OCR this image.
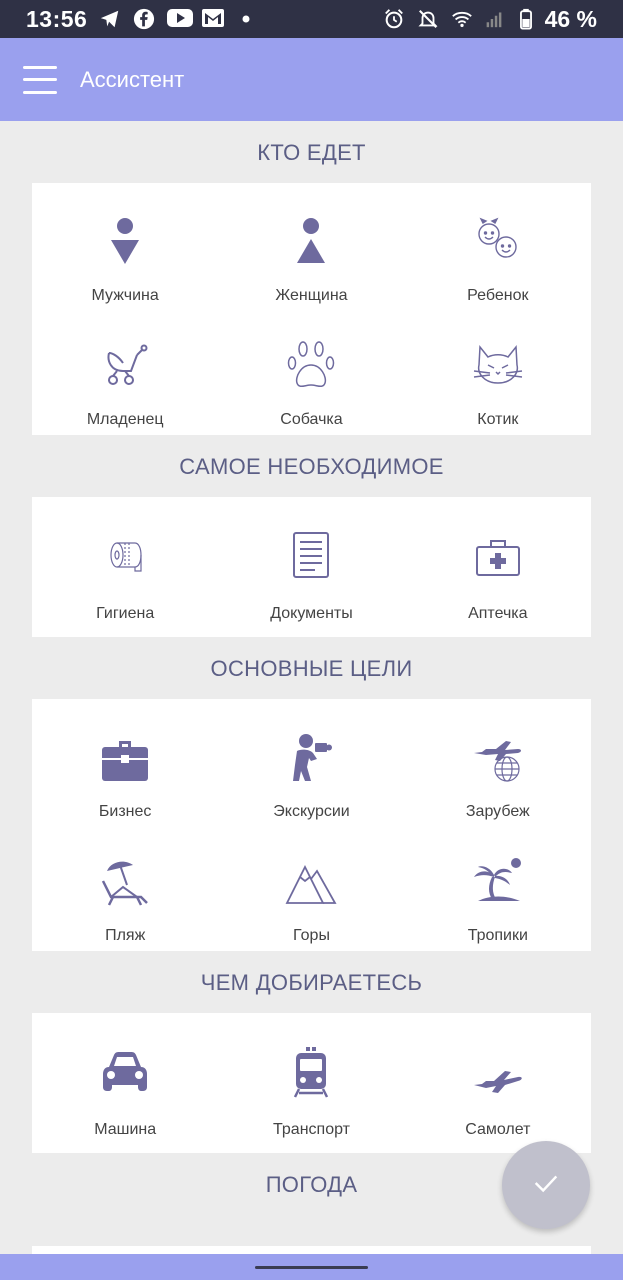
13:56	46 %
Ассистент
КТО ЕДЕТ
Мужчина	Женщина	Ребенок
Младенец	Собачка	Котик
САМОЕ НЕОБХОДИМОЕ
Гигиена	Документы	Аптечка
ОСНОВНЫЕ ЦЕЛИ
Бизнес	Экскурсии	Зарубеж
Пляж	Горы	Тропики
ЧЕМ ДОБИРАЕТЕСЬ
Машина	Транспорт	Самолет
ПОГОДА
